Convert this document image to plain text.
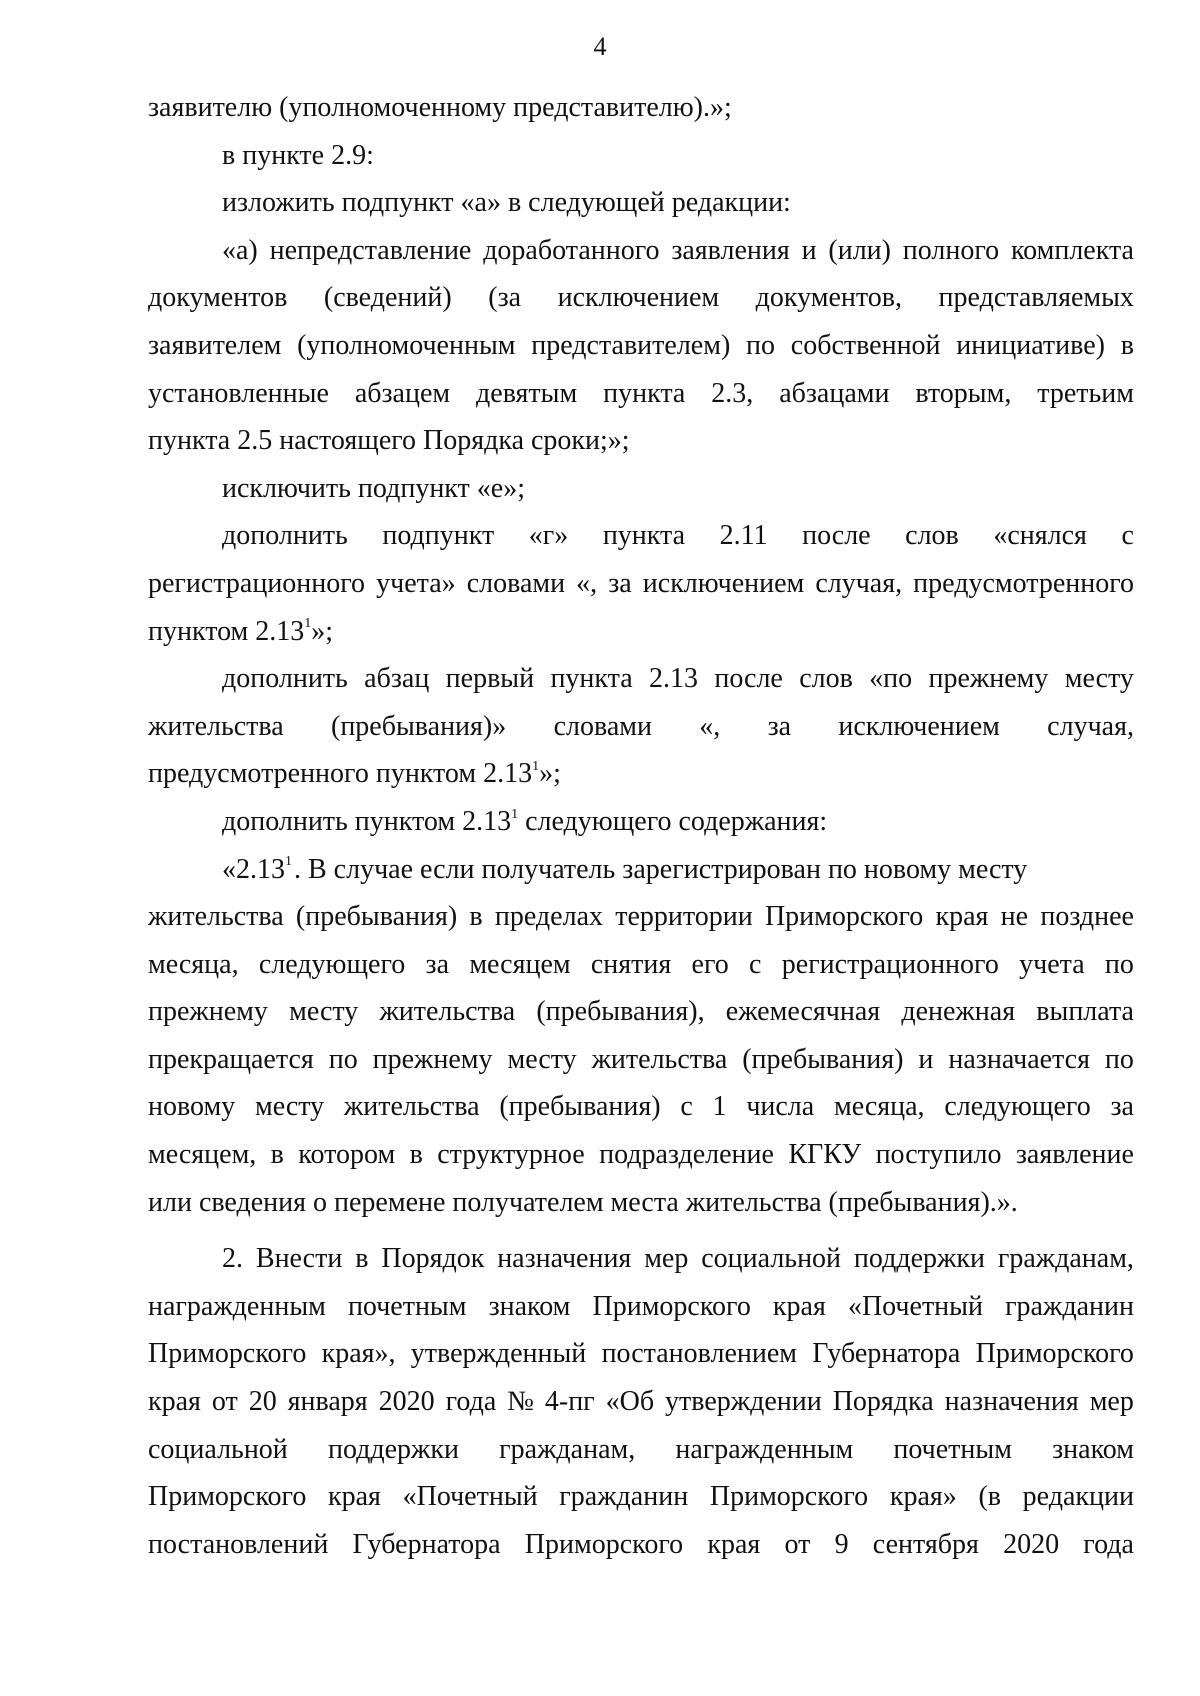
4
заявителю (уполномоченному представителю).»;
в пункте 2.9:
изложить подпункт «а» в следующей редакции:
«а) непредставление доработанного заявления и (или) полного комплекта
документов (сведений) (за исключением документов, представляемых
заявителем (уполномоченным представителем) по собственной инициативе) в
установленные абзацем девятым пункта 2.3, абзацами вторым, третьим
пункта 2.5 настоящего Порядка сроки;»;
исключить подпункт «е»;
дополнить подпункт «г» пункта 2.11 после слов «снялся с
регистрационного учета» словами «, за исключением случая, предусмотренного
пунктом 2.13$^1$»;
дополнить абзац первый пункта 2.13 после слов «по прежнему месту
жительства (пребывания)» словами «, за исключением случая,
предусмотренного пунктом 2.13$^1$»;
дополнить пунктом 2.13$^1$ следующего содержания:
«2.13$^1$ . В случае если получатель зарегистрирован по новому месту
жительства (пребывания) в пределах территории Приморского края не позднее
месяца, следующего за месяцем снятия его с регистрационного учета по
прежнему месту жительства (пребывания), ежемесячная денежная выплата
прекращается по прежнему месту жительства (пребывания) и назначается по
новому месту жительства (пребывания) с 1 числа месяца, следующего за
месяцем, в котором в структурное подразделение КГКУ поступило заявление
или сведения о перемене получателем места жительства (пребывания).».
2. Внести в Порядок назначения мер социальной поддержки гражданам,
награжденным почетным знаком Приморского края «Почетный гражданин
Приморского края», утвержденный постановлением Губернатора Приморского
края от 20 января 2020 года № 4-пг «Об утверждении Порядка назначения мер
социальной поддержки гражданам, награжденным почетным знаком
Приморского края «Почетный гражданин Приморского края» (в редакции
постановлений Губернатора Приморского края от 9 сентября 2020 года
